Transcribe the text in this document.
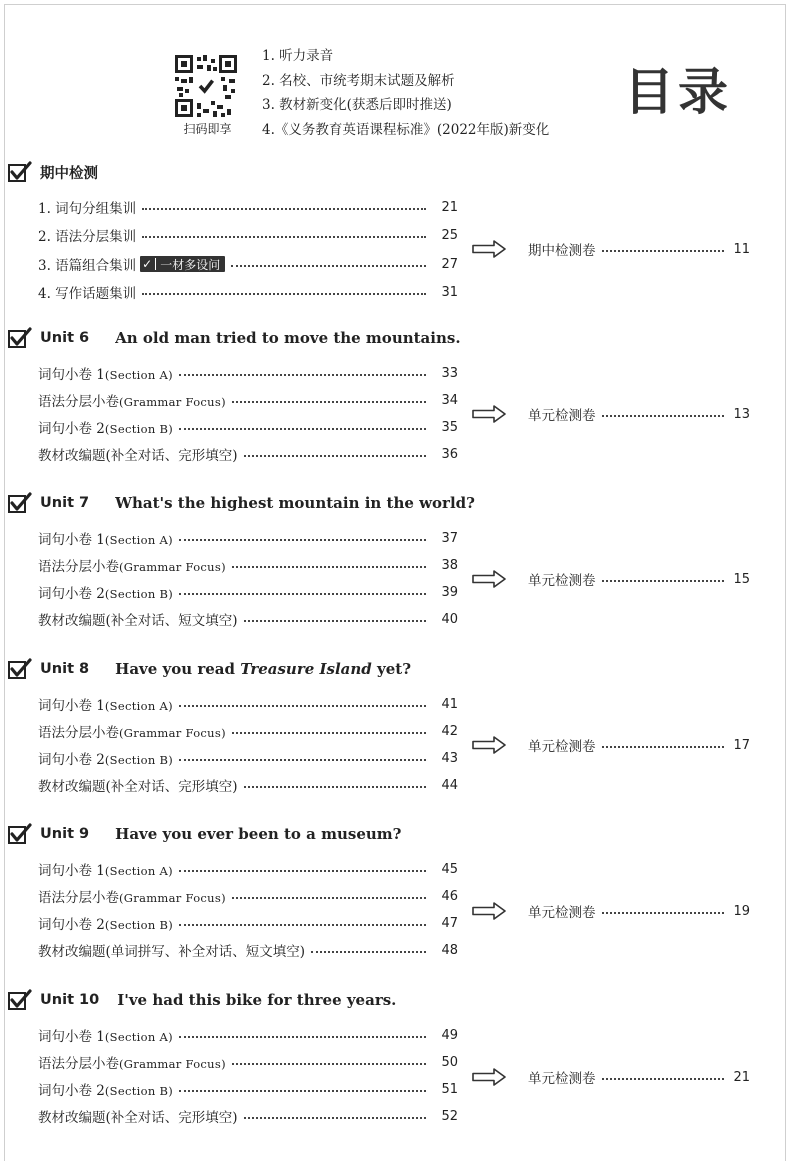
扫码即享
1. 听力录音
2. 名校、市统考期末试题及解析
3. 教材新变化(获悉后即时推送)
4.《义务教育英语课程标准》(2022年版)新变化
目录
期中检测
1. 词句分组集训	21
2. 语法分层集训	25
3. 语篇组合集训 ✓ 一材多设问	27
4. 写作话题集训	31
期中检测卷	11
Unit 6 An old man tried to move the mountains.
词句小卷 1(Section A)	33
语法分层小卷(Grammar Focus)	34
词句小卷 2(Section B)	35
教材改编题(补全对话、完形填空)	36
单元检测卷	13
Unit 7 What's the highest mountain in the world?
词句小卷 1(Section A)	37
语法分层小卷(Grammar Focus)	38
词句小卷 2(Section B)	39
教材改编题(补全对话、短文填空)	40
单元检测卷	15
Unit 8 Have you read Treasure Island yet?
词句小卷 1(Section A)	41
语法分层小卷(Grammar Focus)	42
词句小卷 2(Section B)	43
教材改编题(补全对话、完形填空)	44
单元检测卷	17
Unit 9 Have you ever been to a museum?
词句小卷 1(Section A)	45
语法分层小卷(Grammar Focus)	46
词句小卷 2(Section B)	47
教材改编题(单词拼写、补全对话、短文填空)	48
单元检测卷	19
Unit 10 I've had this bike for three years.
词句小卷 1(Section A)	49
语法分层小卷(Grammar Focus)	50
词句小卷 2(Section B)	51
教材改编题(补全对话、完形填空)	52
单元检测卷	21
